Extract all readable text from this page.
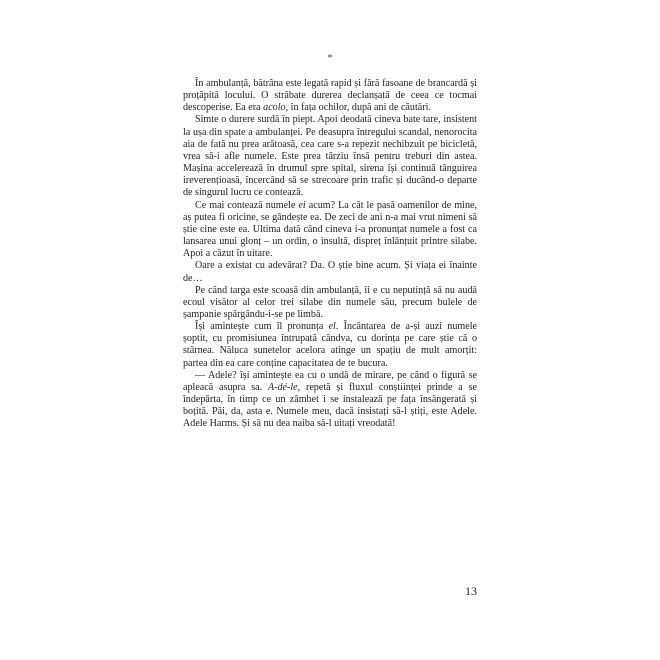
*

În ambulanță, bătrâna este legată rapid și fără fasoane de brancardă și proțăpită locului. O străbate durerea declanșată de ceea ce tocmai descoperise. Ea era acolo, în fața ochilor, după ani de căutări.

Simte o durere surdă în piept. Apoi deodată cineva bate tare, insistent la ușa din spate a ambulanței. Pe deasupra întregului scandal, nenorocita aia de fată nu prea arătoasă, cea care s-a repezit nechibzuit pe bicicletă, vrea să-i afle numele. Este prea târziu însă pentru treburi din astea. Mașina accelerează în drumul spre spital, sirena își continuă tânguirea ireverențioasă, încercând să se strecoare prin trafic și ducând-o departe de singurul lucru ce contează.

Ce mai contează numele ei acum? La cât le pasă oamenilor de mine, aș putea fi oricine, se gândește ea. De zeci de ani n-a mai vrut nimeni să știe cine este ea. Ultima dată când cineva i-a pronunțat numele a fost ca lansarea unui glonț – un ordin, o insultă, dispreț înlănțuit printre silabe. Apoi a căzut în uitare.

Oare a existat cu adevărat? Da. O știe bine acum. Și viața ei înainte de…

Pe când targa este scoasă din ambulanță, îi e cu neputință să nu audă ecoul visător al celor trei silabe din numele său, precum bulele de șampanie spărgându-i-se pe limbă.

Își amintește cum îl pronunța el. Încântarea de a-și auzi numele șoptit, cu promisiunea întrupată cândva, cu dorința pe care știe că o stârnea. Năluca sunetelor acelora atinge un spațiu de mult amorțit: partea din ea care conține capacitatea de te bucura.

— Adele? își amintește ea cu o undă de mirare, pe când o figură se apleacă asupra sa. A-dé-le, repetă și fluxul conștiinței prinde a se îndepărta, în timp ce un zâmbet i se instalează pe fața însângerată și boțită. Păi, da, asta e. Numele meu, dacă insistați să-l știți, este Adele. Adele Harms. Și să nu dea naiba să-l uitați vreodată!

13
